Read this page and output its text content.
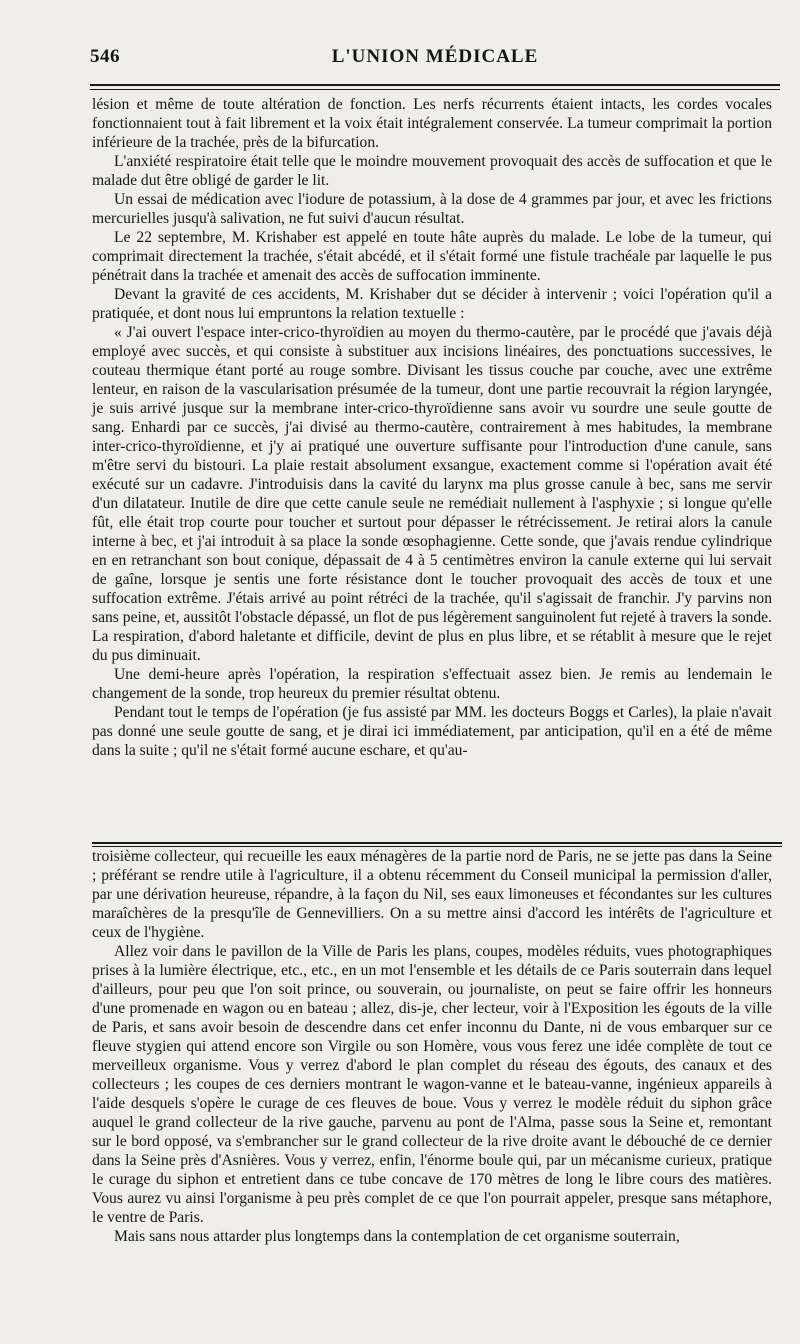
546	L'UNION MÉDICALE

lésion et même de toute altération de fonction. Les nerfs récurrents étaient intacts, les cordes vocales fonctionnaient tout à fait librement et la voix était intégralement conservée. La tumeur comprimait la portion inférieure de la trachée, près de la bifurcation.

L'anxiété respiratoire était telle que le moindre mouvement provoquait des accès de suffocation et que le malade dut être obligé de garder le lit.

Un essai de médication avec l'iodure de potassium, à la dose de 4 grammes par jour, et avec les frictions mercurielles jusqu'à salivation, ne fut suivi d'aucun résultat.

Le 22 septembre, M. Krishaber est appelé en toute hâte auprès du malade. Le lobe de la tumeur, qui comprimait directement la trachée, s'était abcédé, et il s'était formé une fistule trachéale par laquelle le pus pénétrait dans la trachée et amenait des accès de suffocation imminente.

Devant la gravité de ces accidents, M. Krishaber dut se décider à intervenir ; voici l'opération qu'il a pratiquée, et dont nous lui empruntons la relation textuelle :

« J'ai ouvert l'espace inter-crico-thyroïdien au moyen du thermo-cautère, par le procédé que j'avais déjà employé avec succès, et qui consiste à substituer aux incisions linéaires, des ponctuations successives, le couteau thermique étant porté au rouge sombre. Divisant les tissus couche par couche, avec une extrême lenteur, en raison de la vascularisation présumée de la tumeur, dont une partie recouvrait la région laryngée, je suis arrivé jusque sur la membrane inter-crico-thyroïdienne sans avoir vu sourdre une seule goutte de sang. Enhardi par ce succès, j'ai divisé au thermo-cautère, contrairement à mes habitudes, la membrane inter-crico-thyroïdienne, et j'y ai pratiqué une ouverture suffisante pour l'introduction d'une canule, sans m'être servi du bistouri. La plaie restait absolument exsangue, exactement comme si l'opération avait été exécuté sur un cadavre. J'introduisis dans la cavité du larynx ma plus grosse canule à bec, sans me servir d'un dilatateur. Inutile de dire que cette canule seule ne remédiait nullement à l'asphyxie ; si longue qu'elle fût, elle était trop courte pour toucher et surtout pour dépasser le rétrécissement. Je retirai alors la canule interne à bec, et j'ai introduit à sa place la sonde œsophagienne. Cette sonde, que j'avais rendue cylindrique en en retranchant son bout conique, dépassait de 4 à 5 centimètres environ la canule externe qui lui servait de gaîne, lorsque je sentis une forte résistance dont le toucher provoquait des accès de toux et une suffocation extrême. J'étais arrivé au point rétréci de la trachée, qu'il s'agissait de franchir. J'y parvins non sans peine, et, aussitôt l'obstacle dépassé, un flot de pus légèrement sanguinolent fut rejeté à travers la sonde. La respiration, d'abord haletante et difficile, devint de plus en plus libre, et se rétablit à mesure que le rejet du pus diminuait.

Une demi-heure après l'opération, la respiration s'effectuait assez bien. Je remis au lendemain le changement de la sonde, trop heureux du premier résultat obtenu.

Pendant tout le temps de l'opération (je fus assisté par MM. les docteurs Boggs et Carles), la plaie n'avait pas donné une seule goutte de sang, et je dirai ici immédiatement, par anticipation, qu'il en a été de même dans la suite ; qu'il ne s'était formé aucune eschare, et qu'au-

troisième collecteur, qui recueille les eaux ménagères de la partie nord de Paris, ne se jette pas dans la Seine ; préférant se rendre utile à l'agriculture, il a obtenu récemment du Conseil municipal la permission d'aller, par une dérivation heureuse, répandre, à la façon du Nil, ses eaux limoneuses et fécondantes sur les cultures maraîchères de la presqu'île de Gennevilliers. On a su mettre ainsi d'accord les intérêts de l'agriculture et ceux de l'hygiène.

Allez voir dans le pavillon de la Ville de Paris les plans, coupes, modèles réduits, vues photographiques prises à la lumière électrique, etc., etc., en un mot l'ensemble et les détails de ce Paris souterrain dans lequel d'ailleurs, pour peu que l'on soit prince, ou souverain, ou journaliste, on peut se faire offrir les honneurs d'une promenade en wagon ou en bateau ; allez, dis-je, cher lecteur, voir à l'Exposition les égouts de la ville de Paris, et sans avoir besoin de descendre dans cet enfer inconnu du Dante, ni de vous embarquer sur ce fleuve stygien qui attend encore son Virgile ou son Homère, vous vous ferez une idée complète de tout ce merveilleux organisme. Vous y verrez d'abord le plan complet du réseau des égouts, des canaux et des collecteurs ; les coupes de ces derniers montrant le wagon-vanne et le bateau-vanne, ingénieux appareils à l'aide desquels s'opère le curage de ces fleuves de boue. Vous y verrez le modèle réduit du siphon grâce auquel le grand collecteur de la rive gauche, parvenu au pont de l'Alma, passe sous la Seine et, remontant sur le bord opposé, va s'embrancher sur le grand collecteur de la rive droite avant le débouché de ce dernier dans la Seine près d'Asnières. Vous y verrez, enfin, l'énorme boule qui, par un mécanisme curieux, pratique le curage du siphon et entretient dans ce tube concave de 170 mètres de long le libre cours des matières. Vous aurez vu ainsi l'organisme à peu près complet de ce que l'on pourrait appeler, presque sans métaphore, le ventre de Paris.

Mais sans nous attarder plus longtemps dans la contemplation de cet organisme souterrain,
